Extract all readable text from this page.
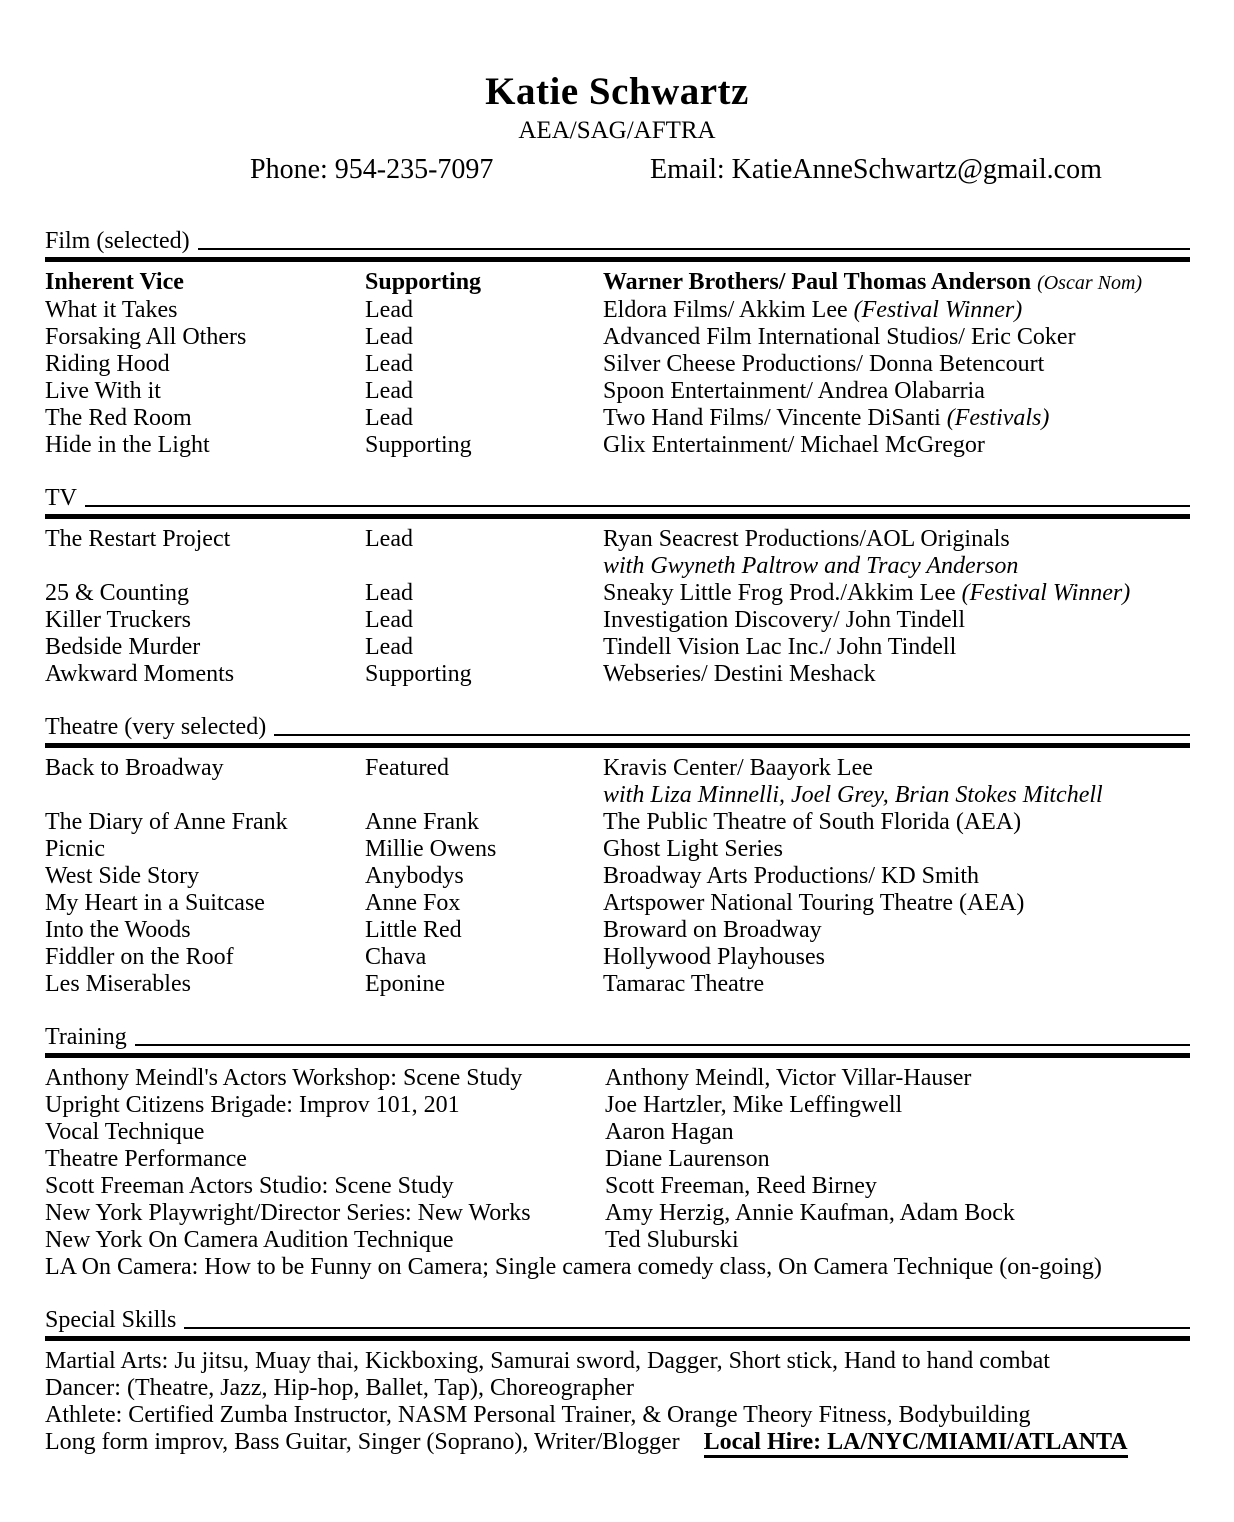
Katie Schwartz
AEA/SAG/AFTRA
Phone: 954-235-7097	Email: KatieAnneSchwartz@gmail.com
Film (selected)
Inherent Vice	Supporting	Warner Brothers/ Paul Thomas Anderson (Oscar Nom)
What it Takes	Lead	Eldora Films/ Akkim Lee (Festival Winner)
Forsaking All Others	Lead	Advanced Film International Studios/ Eric Coker
Riding Hood	Lead	Silver Cheese Productions/ Donna Betencourt
Live With it	Lead	Spoon Entertainment/ Andrea Olabarria
The Red Room	Lead	Two Hand Films/ Vincente DiSanti (Festivals)
Hide in the Light	Supporting	Glix Entertainment/ Michael McGregor
TV
The Restart Project	Lead	Ryan Seacrest Productions/AOL Originals
with Gwyneth Paltrow and Tracy Anderson
25 & Counting	Lead	Sneaky Little Frog Prod./Akkim Lee (Festival Winner)
Killer Truckers	Lead	Investigation Discovery/ John Tindell
Bedside Murder	Lead	Tindell Vision Lac Inc./ John Tindell
Awkward Moments	Supporting	Webseries/ Destini Meshack
Theatre (very selected)
Back to Broadway	Featured	Kravis Center/ Baayork Lee
with Liza Minnelli, Joel Grey, Brian Stokes Mitchell
The Diary of Anne Frank	Anne Frank	The Public Theatre of South Florida (AEA)
Picnic	Millie Owens	Ghost Light Series
West Side Story	Anybodys	Broadway Arts Productions/ KD Smith
My Heart in a Suitcase	Anne Fox	Artspower National Touring Theatre (AEA)
Into the Woods	Little Red	Broward on Broadway
Fiddler on the Roof	Chava	Hollywood Playhouses
Les Miserables	Eponine	Tamarac Theatre
Training
Anthony Meindl's Actors Workshop: Scene Study	Anthony Meindl, Victor Villar-Hauser
Upright Citizens Brigade: Improv 101, 201	Joe Hartzler, Mike Leffingwell
Vocal Technique	Aaron Hagan
Theatre Performance	Diane Laurenson
Scott Freeman Actors Studio: Scene Study	Scott Freeman, Reed Birney
New York Playwright/Director Series: New Works	Amy Herzig, Annie Kaufman, Adam Bock
New York On Camera Audition Technique	Ted Sluburski
LA On Camera: How to be Funny on Camera; Single camera comedy class, On Camera Technique (on-going)
Special Skills
Martial Arts: Ju jitsu, Muay thai, Kickboxing, Samurai sword, Dagger, Short stick, Hand to hand combat
Dancer: (Theatre, Jazz, Hip-hop, Ballet, Tap), Choreographer
Athlete: Certified Zumba Instructor, NASM Personal Trainer, & Orange Theory Fitness, Bodybuilding
Long form improv, Bass Guitar, Singer (Soprano), Writer/Blogger Local Hire: LA/NYC/MIAMI/ATLANTA
